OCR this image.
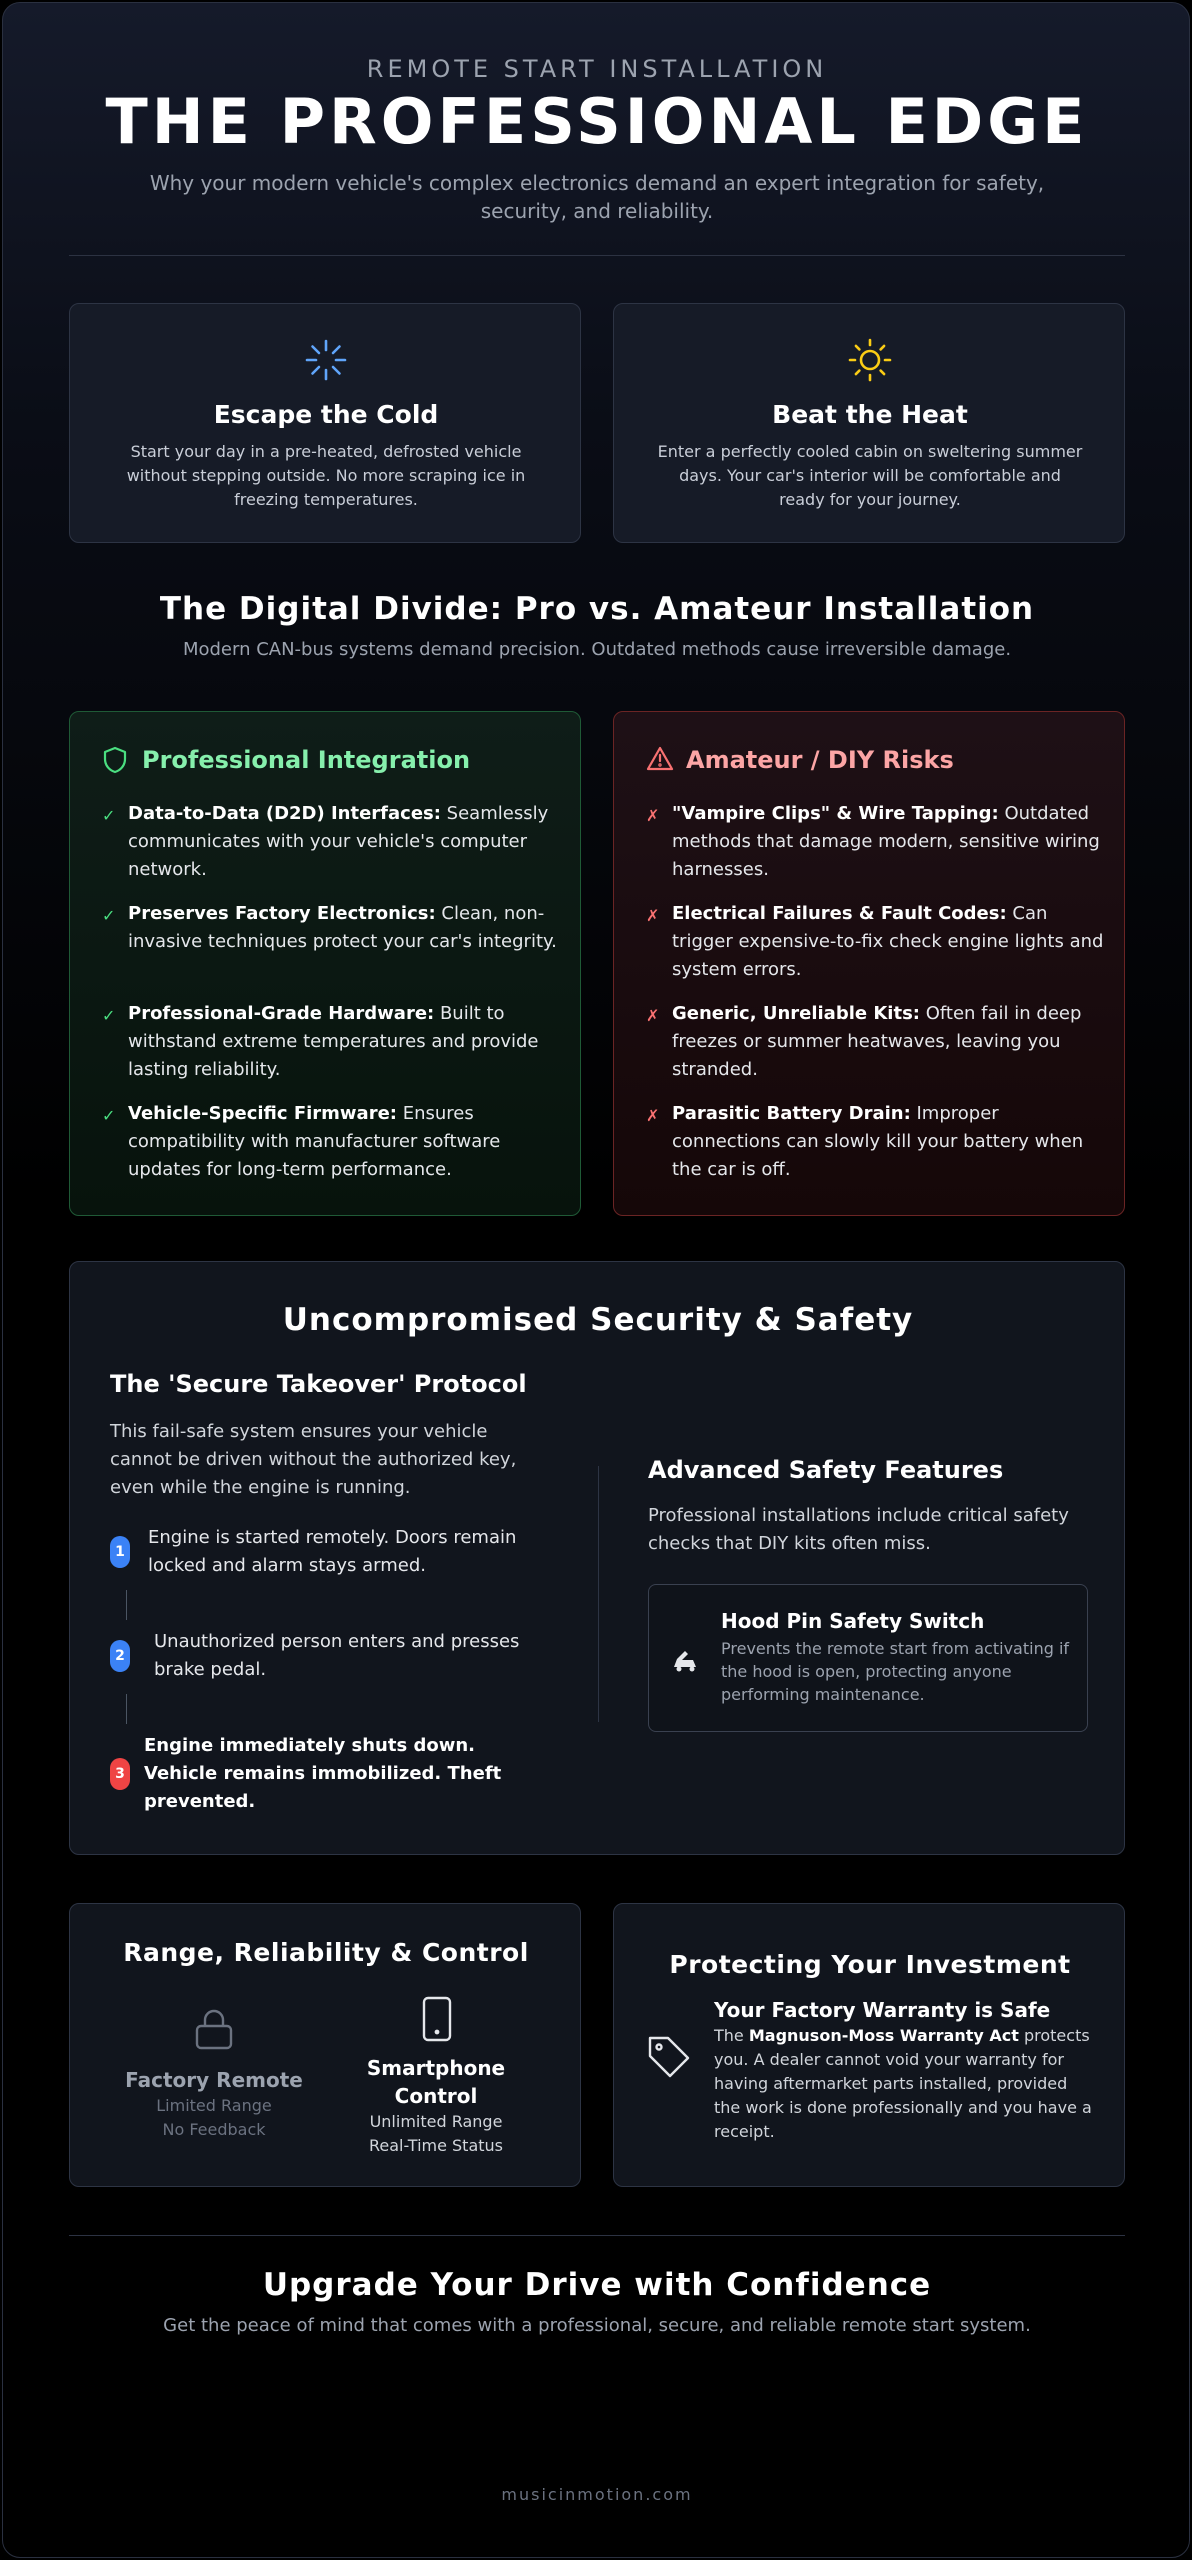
REMOTE START INSTALLATION
THE PROFESSIONAL EDGE
Why your modern vehicle's complex electronics demand an expert integration for safety, security, and reliability.
Escape the Cold
Start your day in a pre-heated, defrosted vehicle without stepping outside. No more scraping ice in freezing temperatures.
Beat the Heat
Enter a perfectly cooled cabin on sweltering summer days. Your car's interior will be comfortable and ready for your journey.
The Digital Divide: Pro vs. Amateur Installation
Modern CAN-bus systems demand precision. Outdated methods cause irreversible damage.
Professional Integration
✓ Data-to-Data (D2D) Interfaces: Seamlessly communicates with your vehicle's computer network.
✓ Preserves Factory Electronics: Clean, non-invasive techniques protect your car's integrity.
✓ Professional-Grade Hardware: Built to withstand extreme temperatures and provide lasting reliability.
✓ Vehicle-Specific Firmware: Ensures compatibility with manufacturer software updates for long-term performance.
Amateur / DIY Risks
✗ "Vampire Clips" & Wire Tapping: Outdated methods that damage modern, sensitive wiring harnesses.
✗ Electrical Failures & Fault Codes: Can trigger expensive-to-fix check engine lights and system errors.
✗ Generic, Unreliable Kits: Often fail in deep freezes or summer heatwaves, leaving you stranded.
✗ Parasitic Battery Drain: Improper connections can slowly kill your battery when the car is off.
Uncompromised Security & Safety
The 'Secure Takeover' Protocol
This fail-safe system ensures your vehicle cannot be driven without the authorized key, even while the engine is running.
1
Engine is started remotely. Doors remain locked and alarm stays armed.
2
Unauthorized person enters and presses brake pedal.
3
Engine immediately shuts down. Vehicle remains immobilized. Theft prevented.
Advanced Safety Features
Professional installations include critical safety checks that DIY kits often miss.
Hood Pin Safety Switch
Prevents the remote start from activating if the hood is open, protecting anyone performing maintenance.
Range, Reliability & Control
Factory Remote
Limited Range
No Feedback
Smartphone
Control
Unlimited Range
Real-Time Status
Protecting Your Investment
Your Factory Warranty is Safe
The Magnuson-Moss Warranty Act protects you. A dealer cannot void your warranty for having aftermarket parts installed, provided the work is done professionally and you have a receipt.
Upgrade Your Drive with Confidence
Get the peace of mind that comes with a professional, secure, and reliable remote start system.
musicinmotion.com
